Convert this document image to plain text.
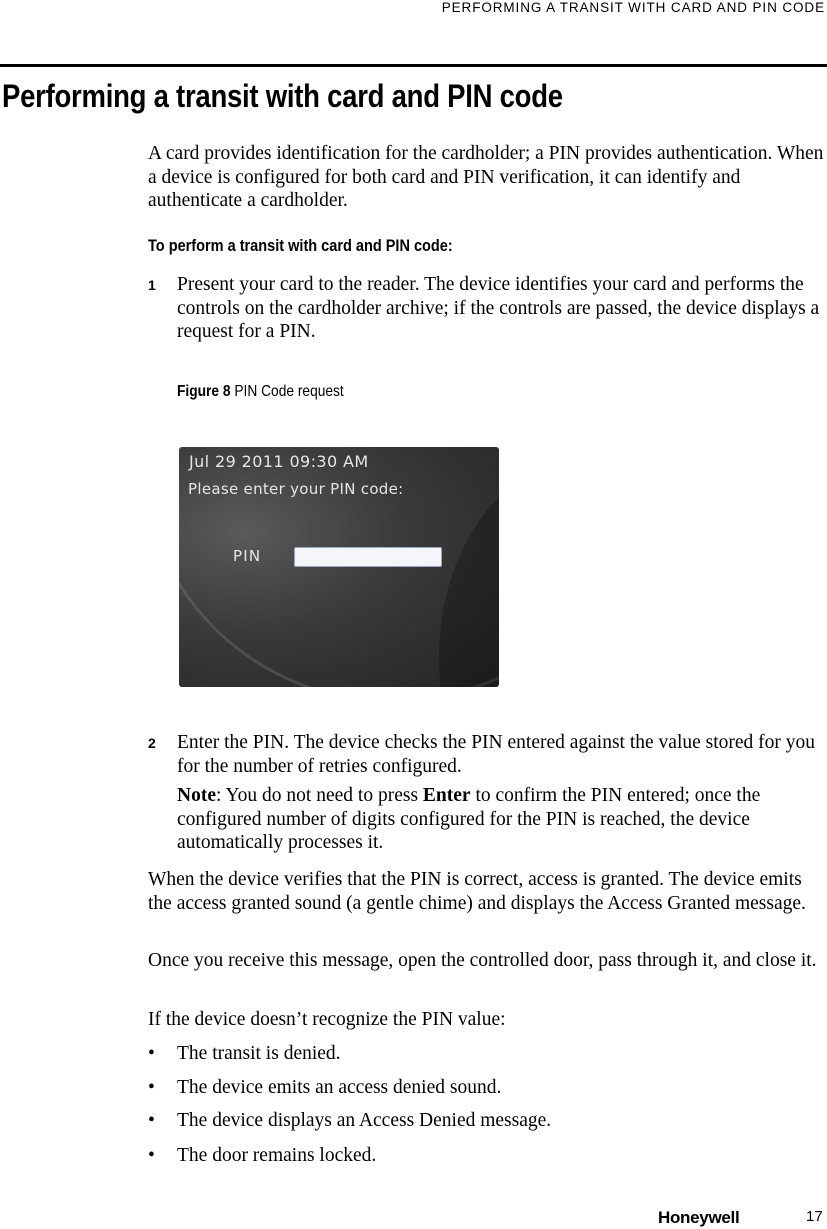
PERFORMING A TRANSIT WITH CARD AND PIN CODE
Performing a transit with card and PIN code

A card provides identification for the cardholder; a PIN provides authentication. When a device is configured for both card and PIN verification, it can identify and authenticate a cardholder.

To perform a transit with card and PIN code:
1 Present your card to the reader. The device identifies your card and performs the controls on the cardholder archive; if the controls are passed, the device displays a request for a PIN.

Figure 8 PIN Code request
Jul 29 2011 09:30 AM
Please enter your PIN code:
PIN
2 Enter the PIN. The device checks the PIN entered against the value stored for you for the number of retries configured.

Note: You do not need to press Enter to confirm the PIN entered; once the configured number of digits configured for the PIN is reached, the device automatically processes it.

When the device verifies that the PIN is correct, access is granted. The device emits the access granted sound (a gentle chime) and displays the Access Granted message.

Once you receive this message, open the controlled door, pass through it, and close it.

If the device doesn’t recognize the PIN value:

• The transit is denied.
• The device emits an access denied sound.
• The device displays an Access Denied message.
• The door remains locked.
Honeywell	17
